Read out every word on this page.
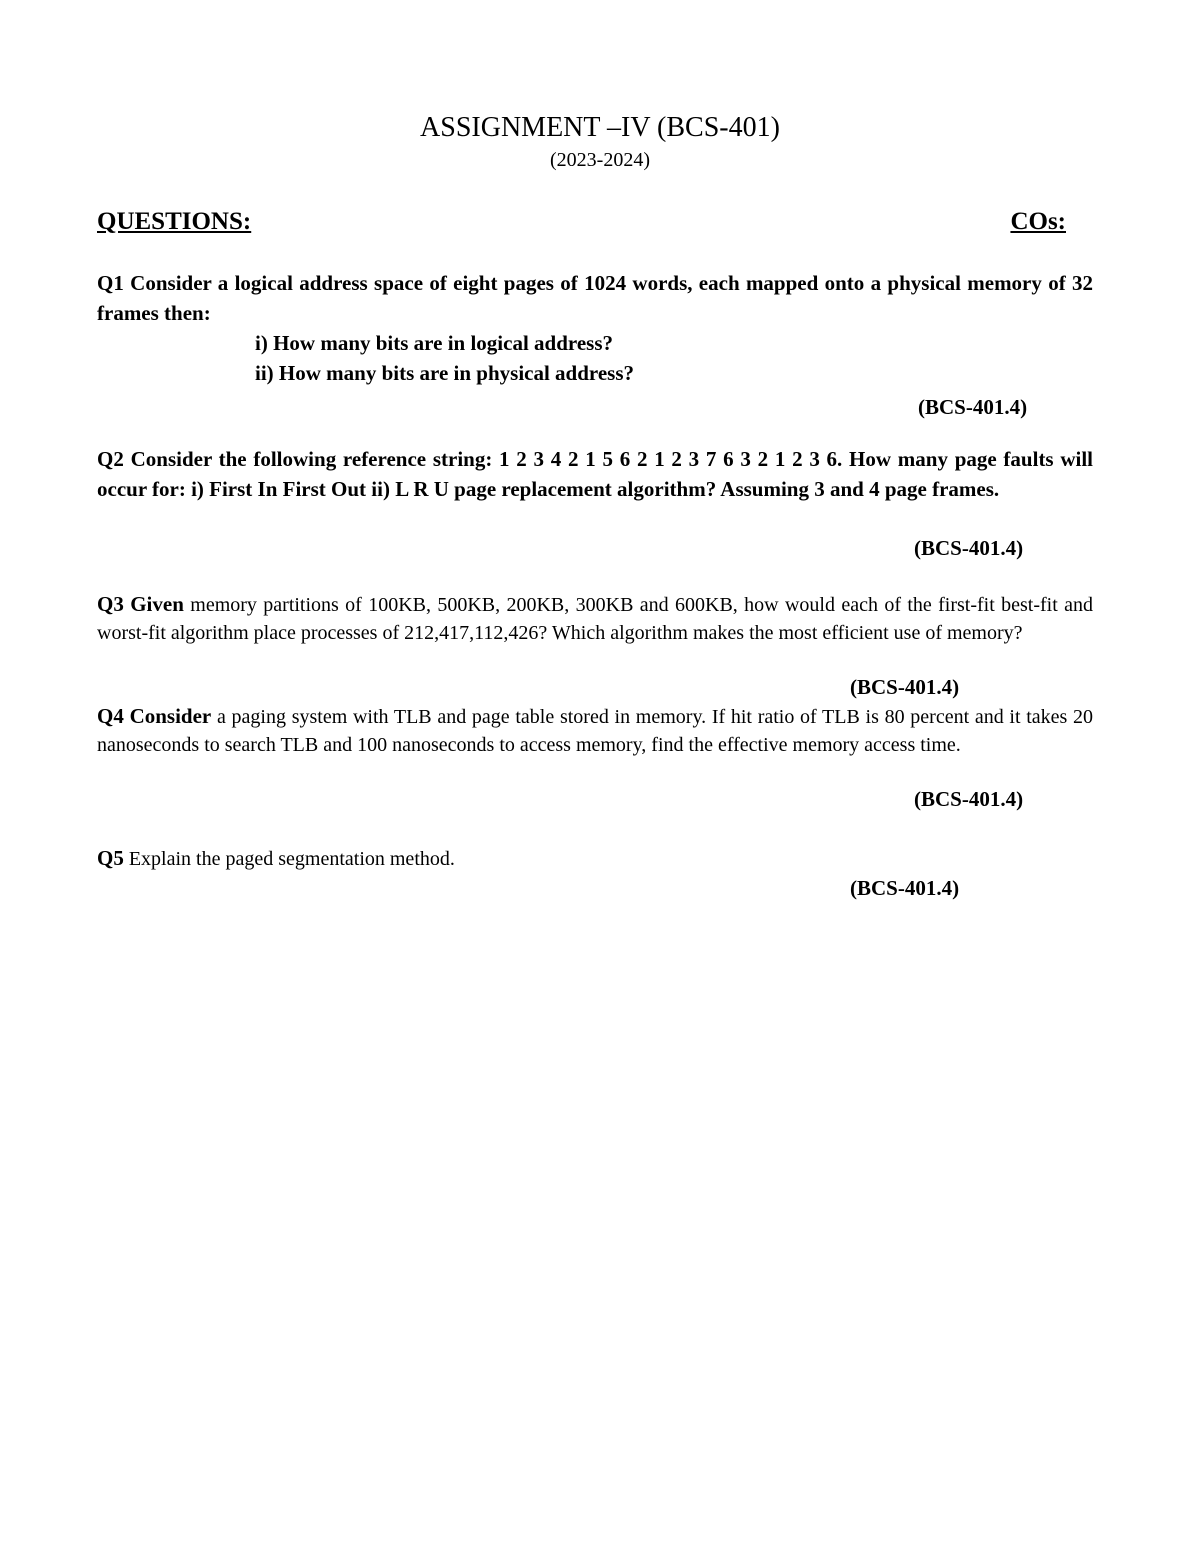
ASSIGNMENT –IV (BCS-401)
(2023-2024)
QUESTIONS:	COs:
Q1 Consider a logical address space of eight pages of 1024 words, each mapped onto a physical memory of 32 frames then:
i) How many bits are in logical address?
ii) How many bits are in physical address?
(BCS-401.4)
Q2 Consider the following reference string: 1 2 3 4 2 1 5 6 2 1 2 3 7 6 3 2 1 2 3 6. How many page faults will occur for: i) First In First Out ii) L R U page replacement algorithm? Assuming 3 and 4 page frames.
(BCS-401.4)
Q3 Given memory partitions of 100KB, 500KB, 200KB, 300KB and 600KB, how would each of the first-fit best-fit and worst-fit algorithm place processes of 212,417,112,426? Which algorithm makes the most efficient use of memory?
(BCS-401.4)
Q4 Consider a paging system with TLB and page table stored in memory. If hit ratio of TLB is 80 percent and it takes 20 nanoseconds to search TLB and 100 nanoseconds to access memory, find the effective memory access time.
(BCS-401.4)
Q5 Explain the paged segmentation method.
(BCS-401.4)
